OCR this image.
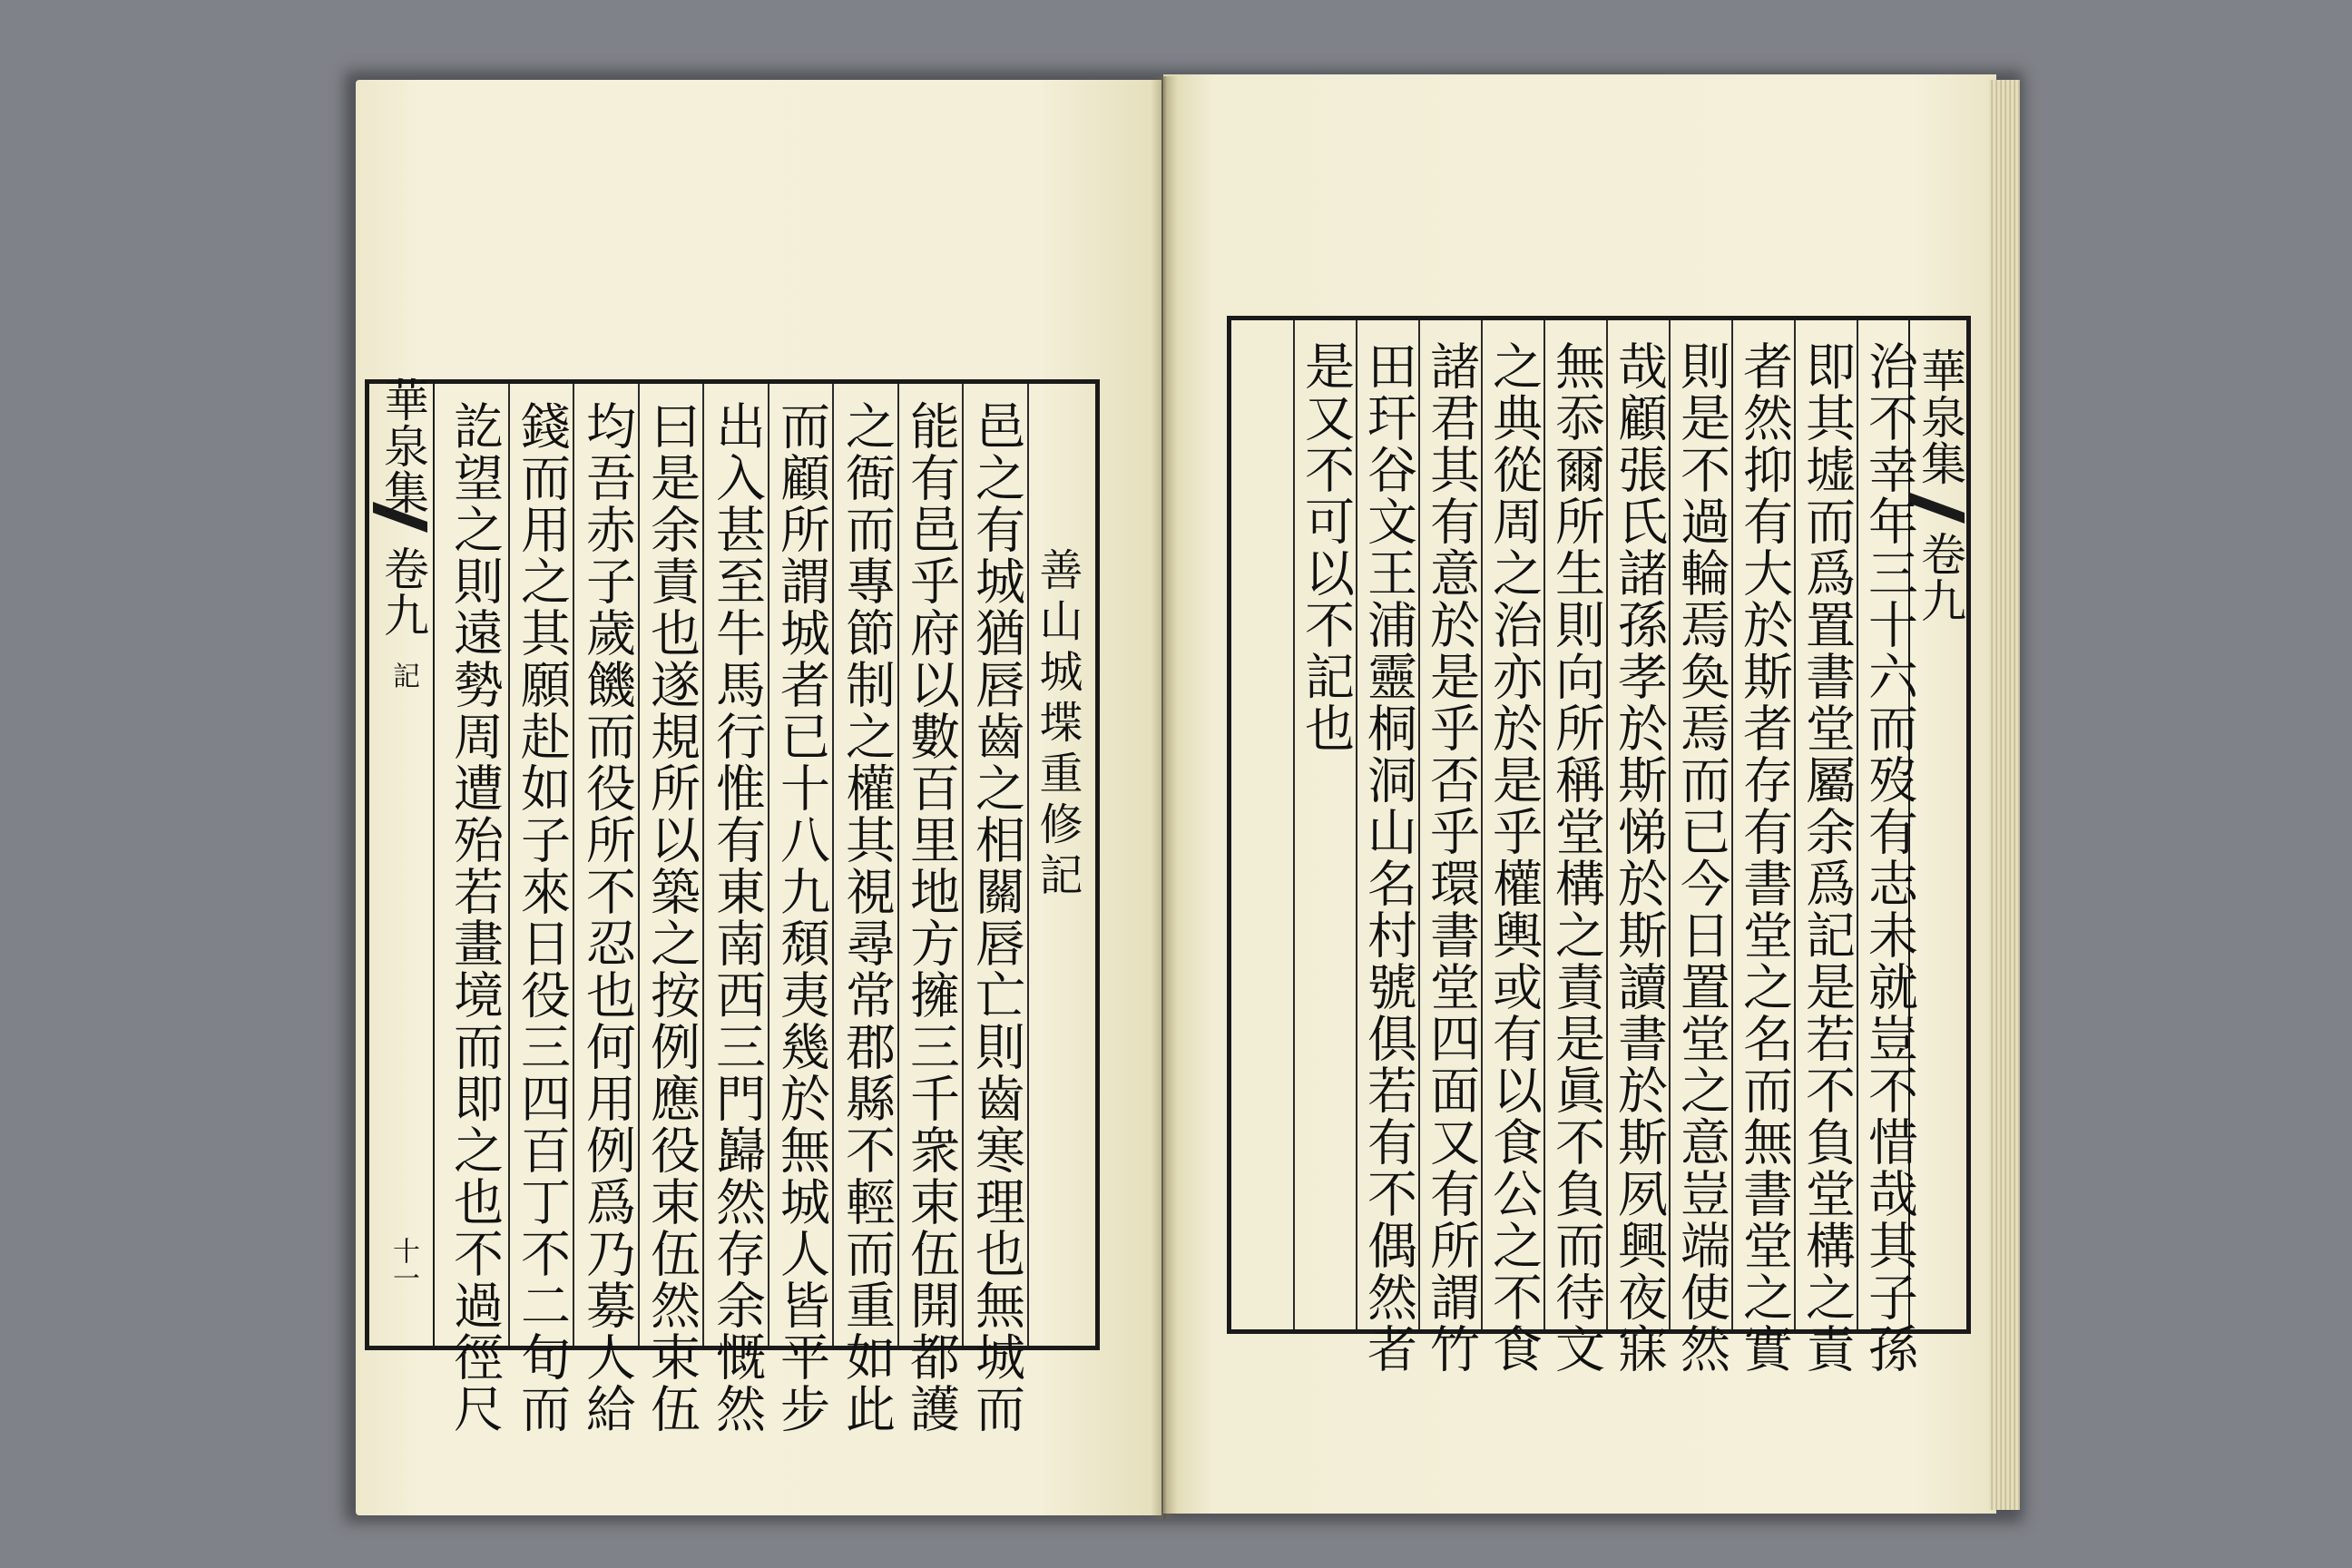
華泉集
卷九
記
十一
善山城堞重修記
邑之有城猶唇齒之相關唇亡則齒寒理也無城而
能有邑乎府以數百里地方擁三千衆束伍開都護
之衙而專節制之權其視尋常郡縣不輕而重如此
而顧所謂城者已十八九頹夷幾於無城人皆平步
出入甚至牛馬行惟有東南西三門巋然存余慨然
曰是余責也遂規所以築之按例應役束伍然束伍
均吾赤子歲饑而役所不忍也何用例爲乃募人給
錢而用之其願赴如子來日役三四百丁不二旬而
訖望之則遠勢周遭殆若畫境而即之也不過徑尺	華泉集
卷九
治不幸年三十六而歿有志未就豈不惜哉其子孫
即其墟而爲置書堂屬余爲記是若不負堂構之責
者然抑有大於斯者存有書堂之名而無書堂之實
則是不過輪焉奐焉而已今日置堂之意豈端使然
哉顧張氏諸孫孝於斯悌於斯讀書於斯夙興夜寐
無忝爾所生則向所稱堂構之責是眞不負而待文
之典從周之治亦於是乎權輿或有以食公之不食
諸君其有意於是乎否乎環書堂四面又有所謂竹
田玕谷文王浦靈桐洞山名村號俱若有不偶然者
是又不可以不記也
